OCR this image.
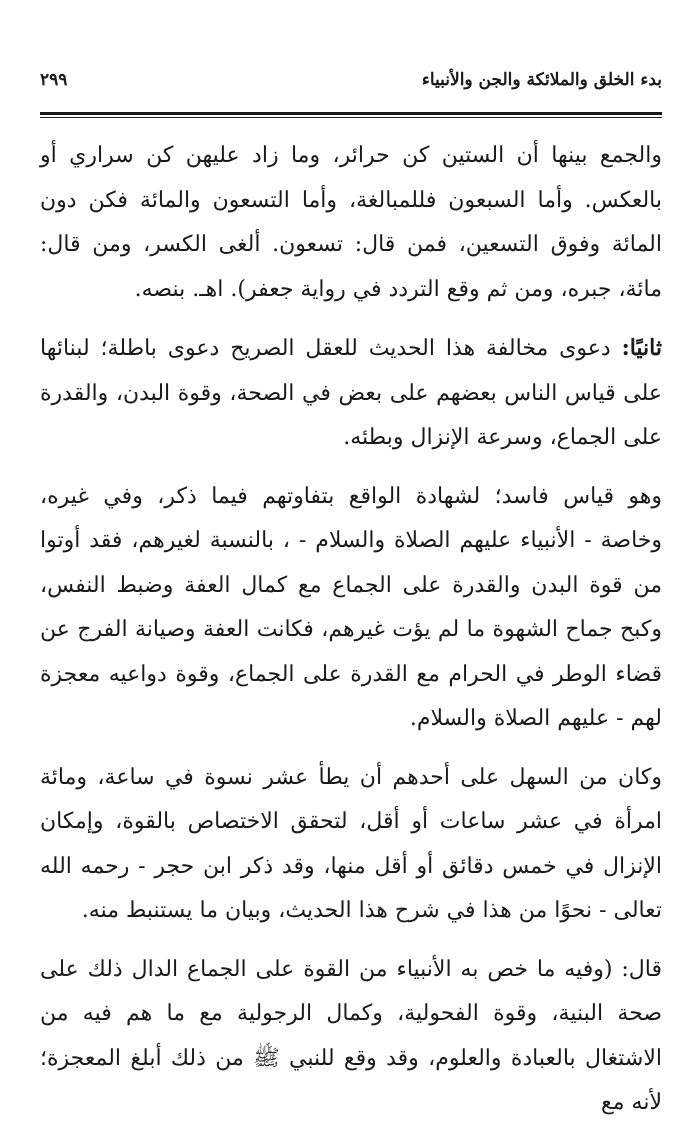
بدء الخلق والملائكة والجن والأنبياء
٢٩٩

والجمع بينها أن الستين كن حرائر، وما زاد عليهن كن سراري أو بالعكس. وأما السبعون فللمبالغة، وأما التسعون والمائة فكن دون المائة وفوق التسعين، فمن قال: تسعون. ألغى الكسر، ومن قال: مائة، جبره، ومن ثم وقع التردد في رواية جعفر). اهـ. بنصه.

ثانيًا: دعوى مخالفة هذا الحديث للعقل الصريح دعوى باطلة؛ لبنائها على قياس الناس بعضهم على بعض في الصحة، وقوة البدن، والقدرة على الجماع، وسرعة الإنزال وبطئه.

وهو قياس فاسد؛ لشهادة الواقع بتفاوتهم فيما ذكر، وفي غيره، وخاصة - الأنبياء عليهم الصلاة والسلام - ، بالنسبة لغيرهم، فقد أوتوا من قوة البدن والقدرة على الجماع مع كمال العفة وضبط النفس، وكبح جماح الشهوة ما لم يؤت غيرهم، فكانت العفة وصيانة الفرج عن قضاء الوطر في الحرام مع القدرة على الجماع، وقوة دواعيه معجزة لهم - عليهم الصلاة والسلام.

وكان من السهل على أحدهم أن يطأ عشر نسوة في ساعة، ومائة امرأة في عشر ساعات أو أقل، لتحقق الاختصاص بالقوة، وإمكان الإنزال في خمس دقائق أو أقل منها، وقد ذكر ابن حجر - رحمه الله تعالى - نحوًا من هذا في شرح هذا الحديث، وبيان ما يستنبط منه.

قال: (وفيه ما خص به الأنبياء من القوة على الجماع الدال ذلك على صحة البنية، وقوة الفحولية، وكمال الرجولية مع ما هم فيه من الاشتغال بالعبادة والعلوم، وقد وقع للنبي ﷺ من ذلك أبلغ المعجزة؛ لأنه مع
